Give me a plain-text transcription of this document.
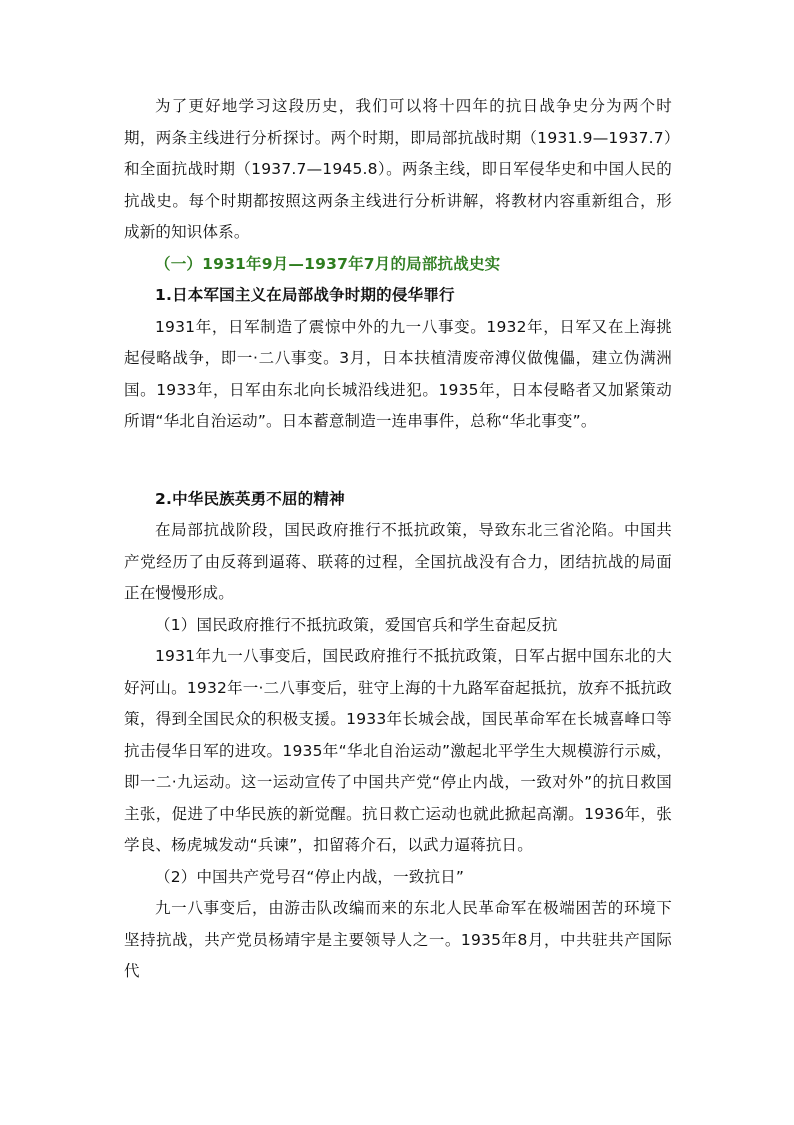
为了更好地学习这段历史，我们可以将十四年的抗日战争史分为两个时期，两条主线进行分析探讨。两个时期，即局部抗战时期（1931.9—1937.7）和全面抗战时期（1937.7—1945.8）。两条主线，即日军侵华史和中国人民的抗战史。每个时期都按照这两条主线进行分析讲解，将教材内容重新组合，形成新的知识体系。

（一）1931年9月—1937年7月的局部抗战史实

1.日本军国主义在局部战争时期的侵华罪行

1931年，日军制造了震惊中外的九一八事变。1932年，日军又在上海挑起侵略战争，即一·二八事变。3月，日本扶植清废帝溥仪做傀儡，建立伪满洲国。1933年，日军由东北向长城沿线进犯。1935年，日本侵略者又加紧策动所谓“华北自治运动”。日本蓄意制造一连串事件，总称“华北事变”。

2.中华民族英勇不屈的精神

在局部抗战阶段，国民政府推行不抵抗政策，导致东北三省沦陷。中国共产党经历了由反蒋到逼蒋、联蒋的过程，全国抗战没有合力，团结抗战的局面正在慢慢形成。

（1）国民政府推行不抵抗政策，爱国官兵和学生奋起反抗

1931年九一八事变后，国民政府推行不抵抗政策，日军占据中国东北的大好河山。1932年一·二八事变后，驻守上海的十九路军奋起抵抗，放弃不抵抗政策，得到全国民众的积极支援。1933年长城会战，国民革命军在长城喜峰口等抗击侵华日军的进攻。1935年“华北自治运动”激起北平学生大规模游行示威，即一二·九运动。这一运动宣传了中国共产党“停止内战，一致对外”的抗日救国主张，促进了中华民族的新觉醒。抗日救亡运动也就此掀起高潮。1936年，张学良、杨虎城发动“兵谏”，扣留蒋介石，以武力逼蒋抗日。

（2）中国共产党号召“停止内战，一致抗日”

九一八事变后，由游击队改编而来的东北人民革命军在极端困苦的环境下坚持抗战，共产党员杨靖宇是主要领导人之一。1935年8月，中共驻共产国际代
